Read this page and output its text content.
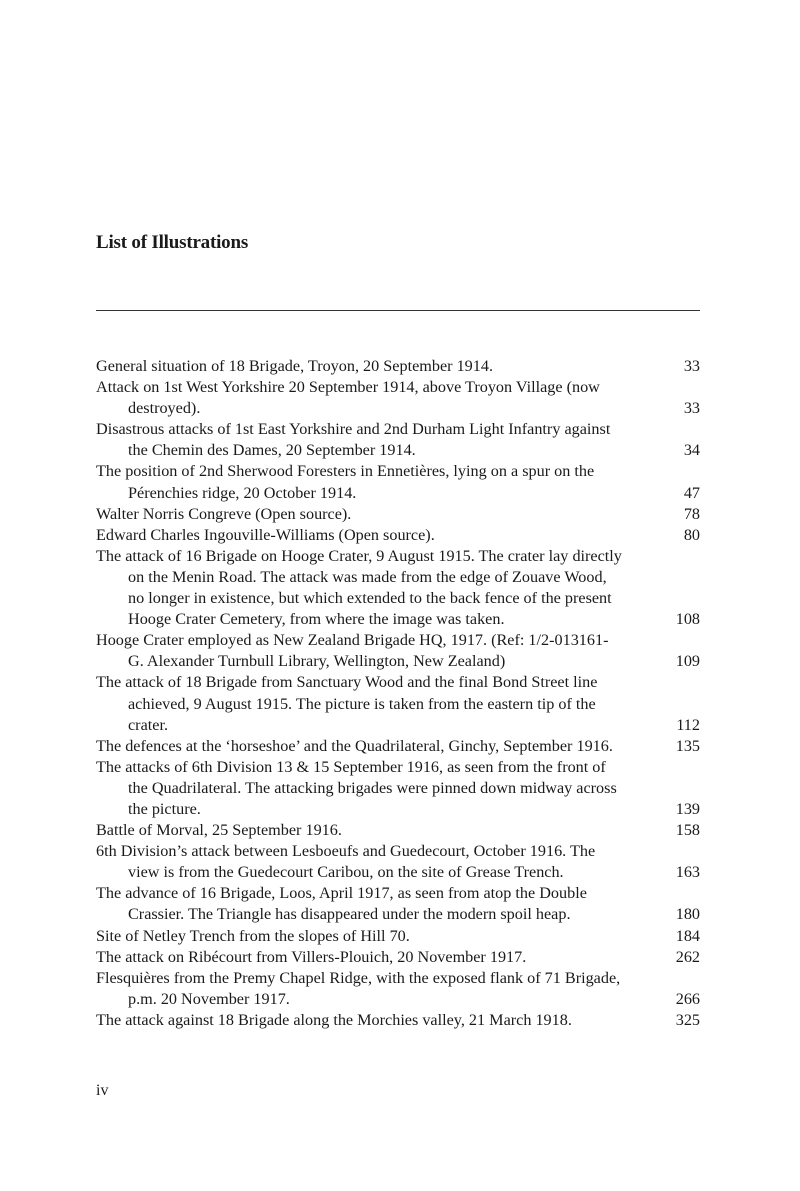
List of Illustrations
General situation of 18 Brigade, Troyon, 20 September 1914.	33
Attack on 1st West Yorkshire 20 September 1914, above Troyon Village (now
destroyed).	33
Disastrous attacks of 1st East Yorkshire and 2nd Durham Light Infantry against
the Chemin des Dames, 20 September 1914.	34
The position of 2nd Sherwood Foresters in Ennetières, lying on a spur on the
Pérenchies ridge, 20 October 1914.	47
Walter Norris Congreve (Open source).	78
Edward Charles Ingouville-Williams (Open source).	80
The attack of 16 Brigade on Hooge Crater, 9 August 1915. The crater lay directly
on the Menin Road. The attack was made from the edge of Zouave Wood,
no longer in existence, but which extended to the back fence of the present
Hooge Crater Cemetery, from where the image was taken.	108
Hooge Crater employed as New Zealand Brigade HQ, 1917. (Ref: 1/2-013161-
G. Alexander Turnbull Library, Wellington, New Zealand)	109
The attack of 18 Brigade from Sanctuary Wood and the final Bond Street line
achieved, 9 August 1915. The picture is taken from the eastern tip of the
crater.	112
The defences at the ‘horseshoe’ and the Quadrilateral, Ginchy, September 1916.	135
The attacks of 6th Division 13 & 15 September 1916, as seen from the front of
the Quadrilateral. The attacking brigades were pinned down midway across
the picture.	139
Battle of Morval, 25 September 1916.	158
6th Division’s attack between Lesboeufs and Guedecourt, October 1916. The
view is from the Guedecourt Caribou, on the site of Grease Trench.	163
The advance of 16 Brigade, Loos, April 1917, as seen from atop the Double
Crassier. The Triangle has disappeared under the modern spoil heap.	180
Site of Netley Trench from the slopes of Hill 70.	184
The attack on Ribécourt from Villers-Plouich, 20 November 1917.	262
Flesquières from the Premy Chapel Ridge, with the exposed flank of 71 Brigade,
p.m. 20 November 1917.	266
The attack against 18 Brigade along the Morchies valley, 21 March 1918.	325

iv
